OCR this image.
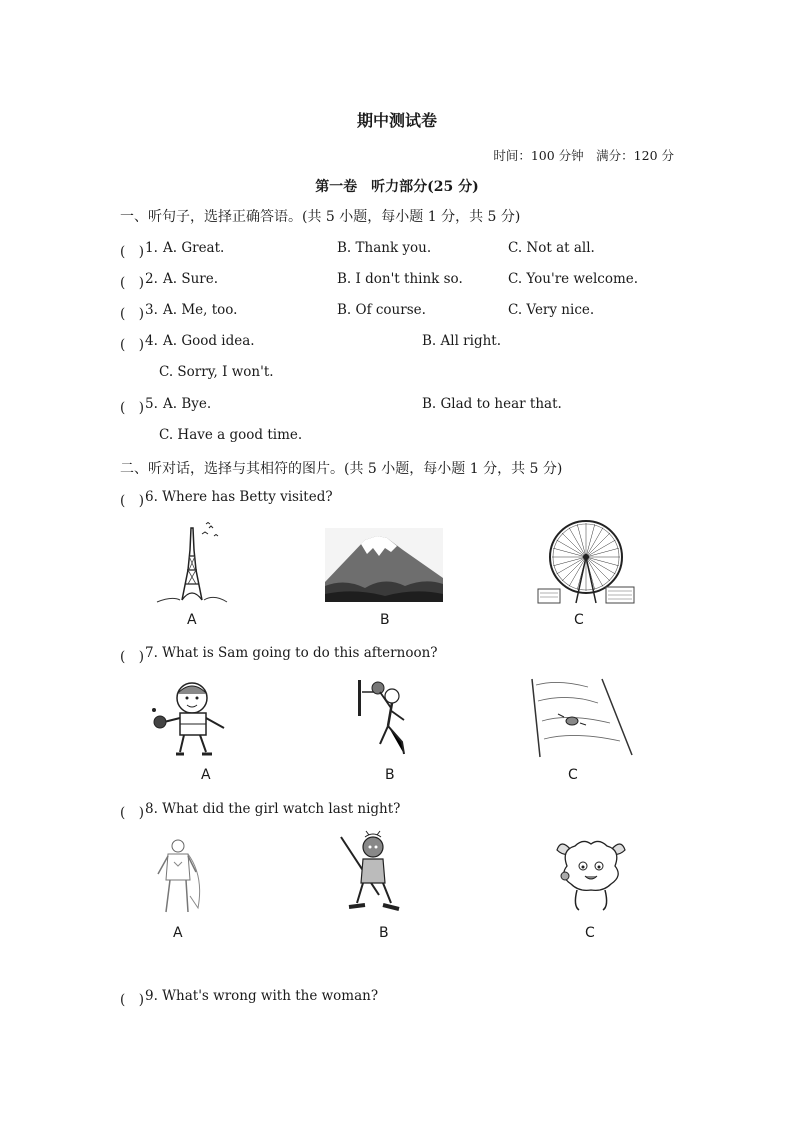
期中测试卷
时间：100 分钟　满分：120 分
第一卷　听力部分(25 分)
一、听句子，选择正确答语。(共 5 小题，每小题 1 分，共 5 分)
(　) 1. A. Great.	B. Thank you.	C. Not at all.
(　) 2. A. Sure.	B. I don't think so.	C. You're welcome.
(　) 3. A. Me, too.	B. Of course.	C. Very nice.
(　) 4. A. Good idea.	B. All right.
C. Sorry, I won't.
(　) 5. A. Bye.	B. Glad to hear that.
C. Have a good time.
二、听对话，选择与其相符的图片。(共 5 小题，每小题 1 分，共 5 分)
(　) 6. Where has Betty visited?
A	B	C
(　) 7. What is Sam going to do this afternoon?
A	B	C
(　) 8. What did the girl watch last night?
A	B	C
(　) 9. What's wrong with the woman?
